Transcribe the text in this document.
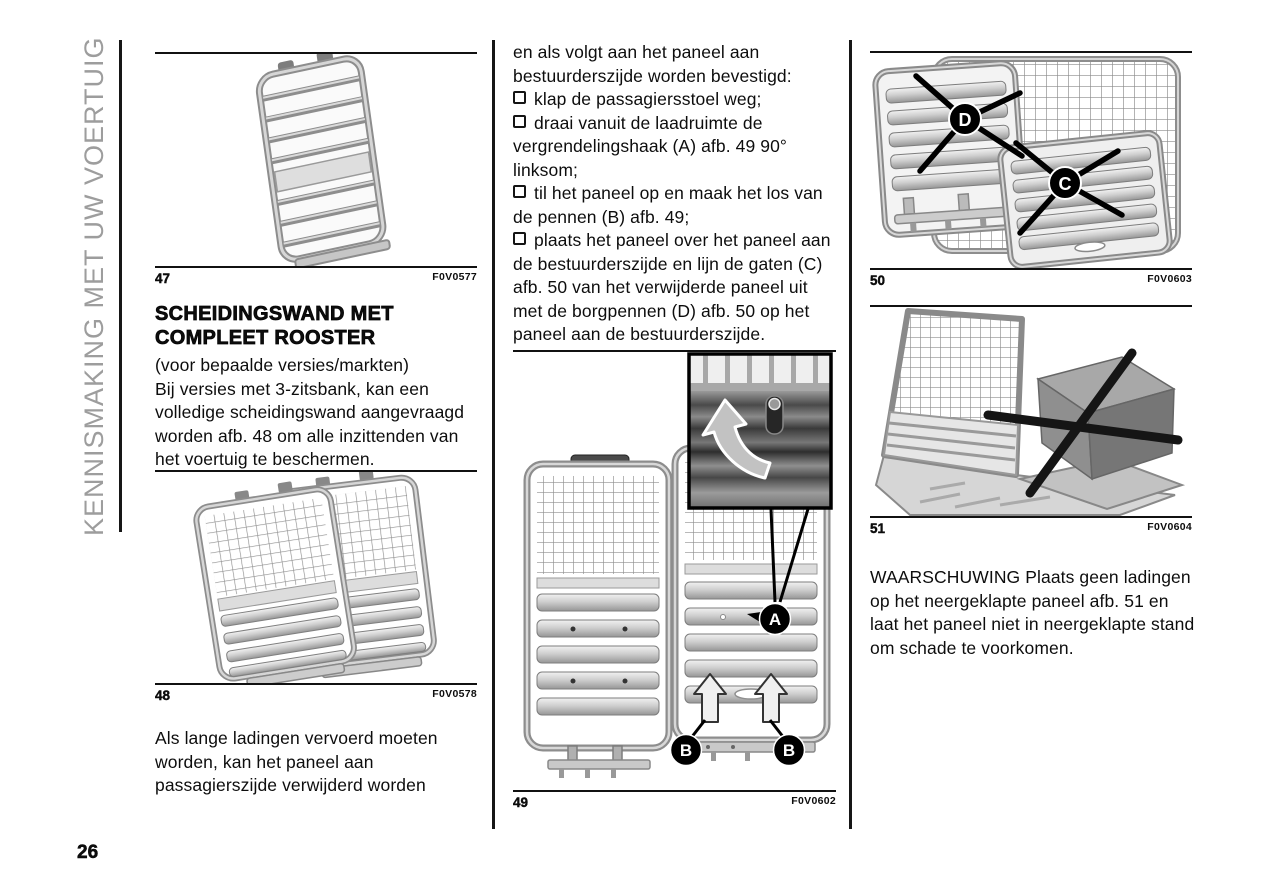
KENNISMAKING MET UW VOERTUIG
26
47	F0V0577
SCHEIDINGSWAND MET COMPLEET ROOSTER
(voor bepaalde versies/markten)
Bij versies met 3-zitsbank, kan een volledige scheidingswand aangevraagd worden afb. 48 om alle inzittenden van het voertuig te beschermen.
48	F0V0578
Als lange ladingen vervoerd moeten worden, kan het paneel aan passagierszijde verwijderd worden
en als volgt aan het paneel aan bestuurderszijde worden bevestigd:
klap de passagiersstoel weg;
draai vanuit de laadruimte de vergrendelingshaak (A) afb. 49 90° linksom;
til het paneel op en maak het los van de pennen (B) afb. 49;
plaats het paneel over het paneel aan de bestuurderszijde en lijn de gaten (C) afb. 50 van het verwijderde paneel uit met de borgpennen (D) afb. 50 op het paneel aan de bestuurderszijde.
A
B	B
49	F0V0602
D
C
50	F0V0603
51	F0V0604
WAARSCHUWING Plaats geen ladingen op het neergeklapte paneel afb. 51 en laat het paneel niet in neergeklapte stand om schade te voorkomen.
